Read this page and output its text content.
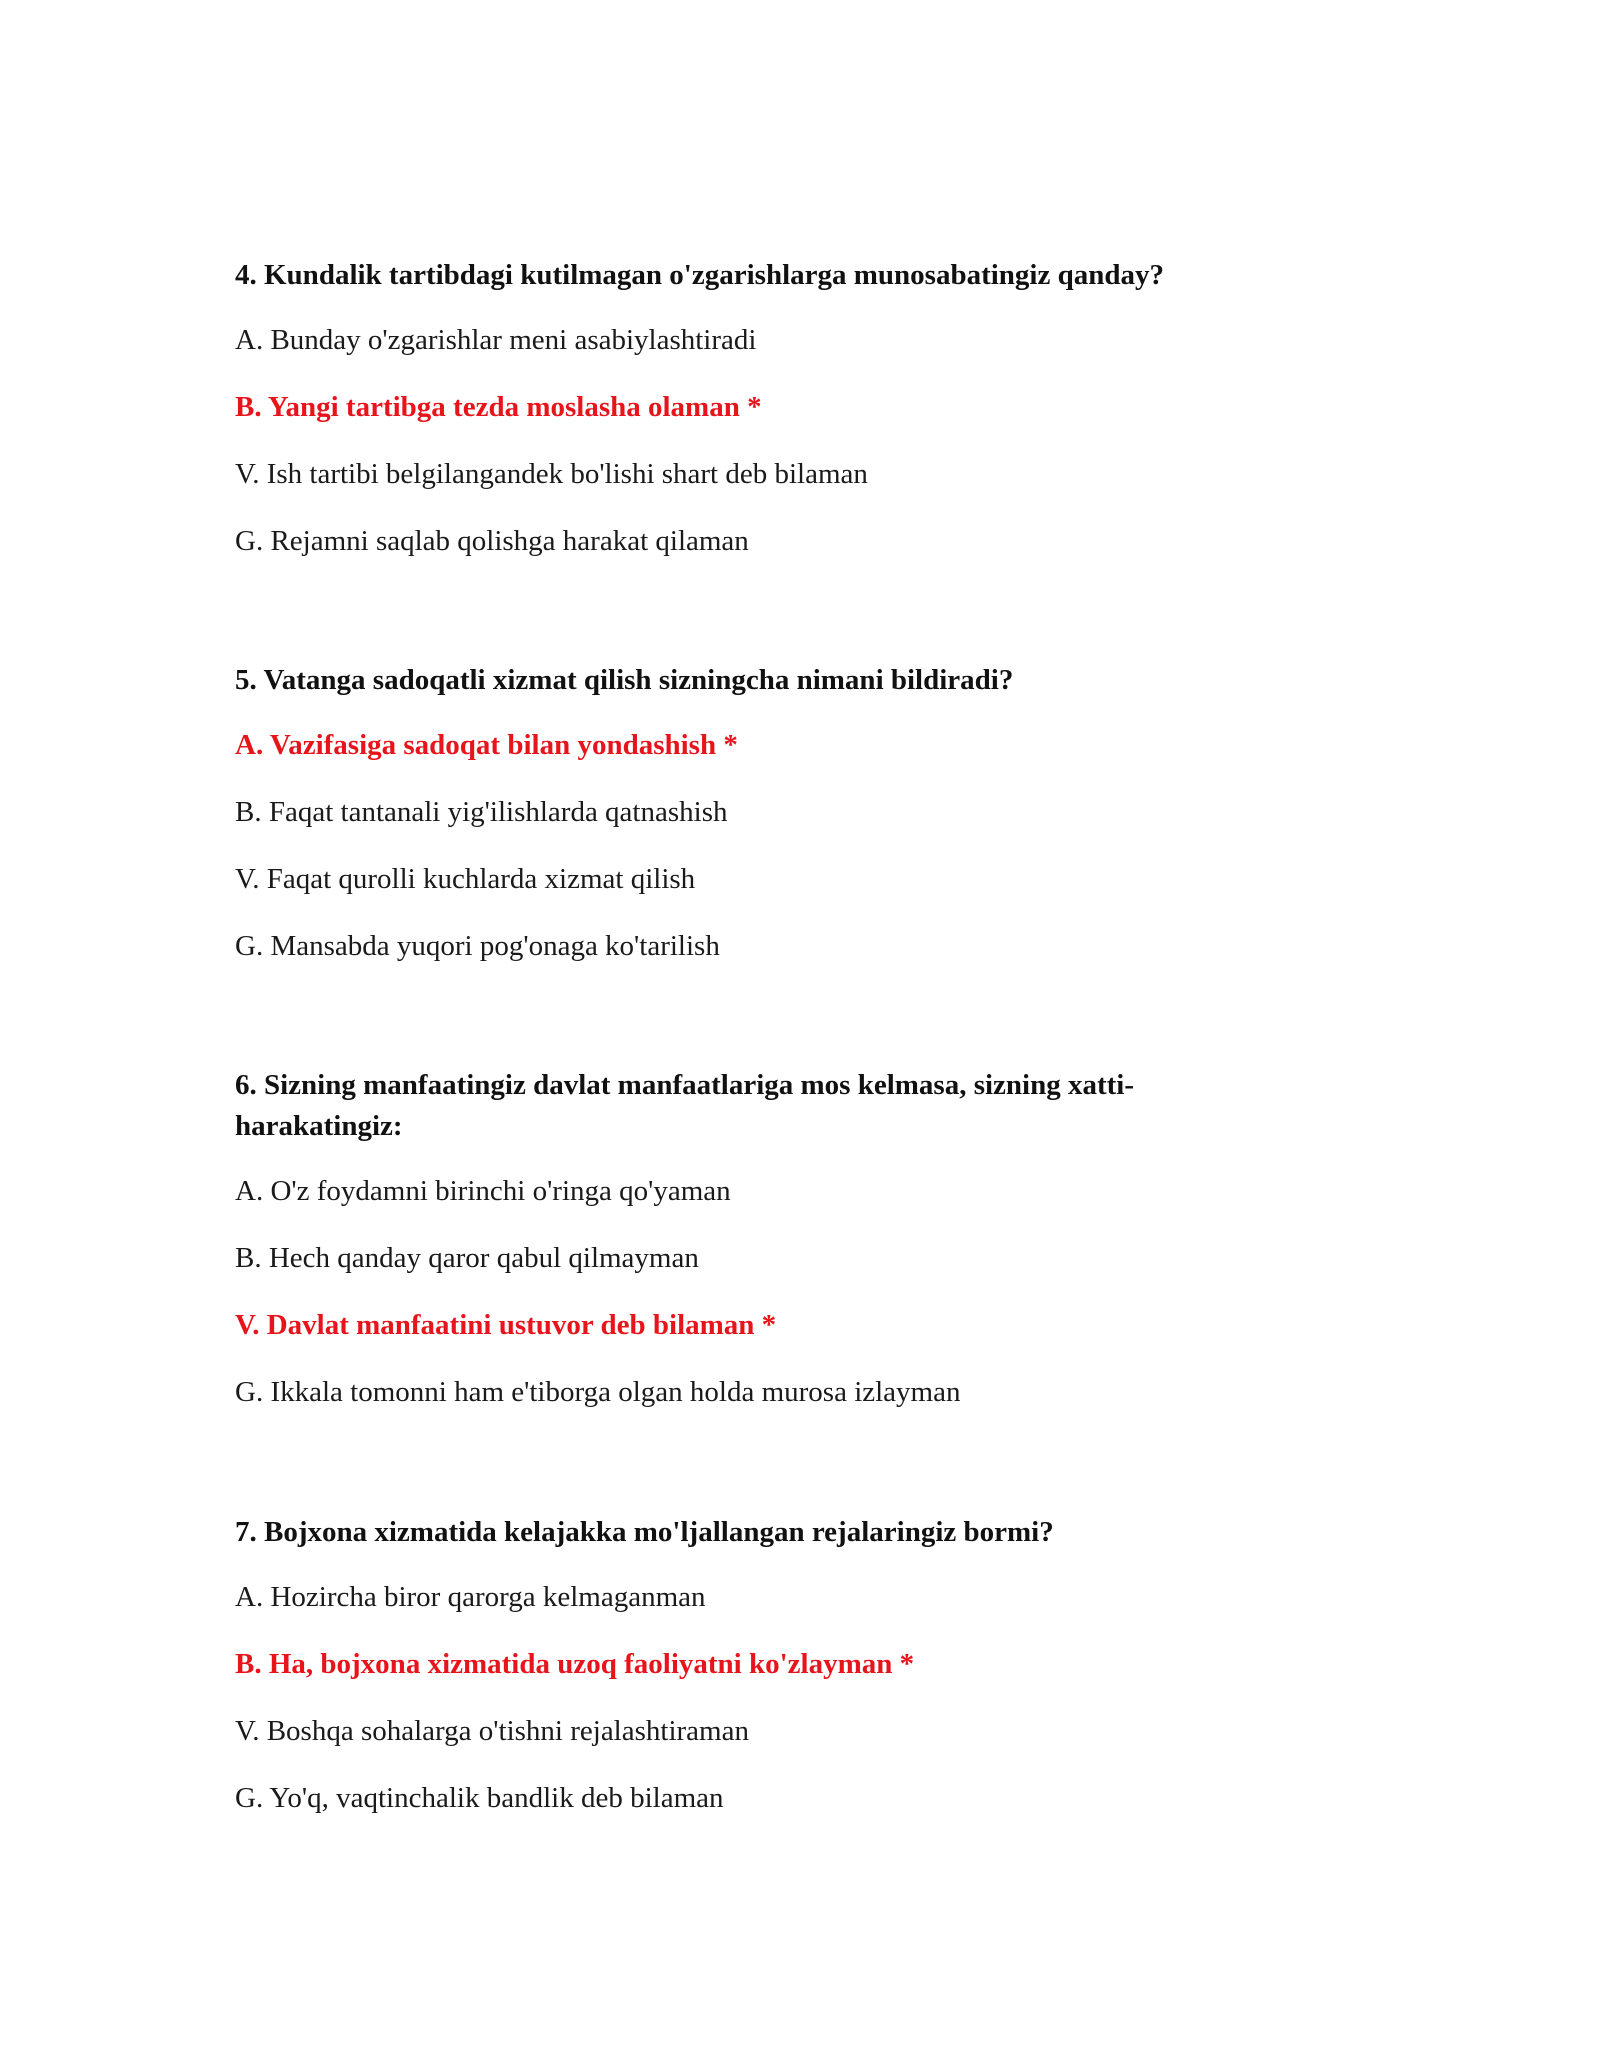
4. Kundalik tartibdagi kutilmagan o'zgarishlarga munosabatingiz qanday?

A. Bunday o'zgarishlar meni asabiylashtiradi

B. Yangi tartibga tezda moslasha olaman *

V. Ish tartibi belgilangandek bo'lishi shart deb bilaman

G. Rejamni saqlab qolishga harakat qilaman

5. Vatanga sadoqatli xizmat qilish sizningcha nimani bildiradi?

A. Vazifasiga sadoqat bilan yondashish *

B. Faqat tantanali yig'ilishlarda qatnashish

V. Faqat qurolli kuchlarda xizmat qilish

G. Mansabda yuqori pog'onaga ko'tarilish

6. Sizning manfaatingiz davlat manfaatlariga mos kelmasa, sizning xatti-harakatingiz:

A. O'z foydamni birinchi o'ringa qo'yaman

B. Hech qanday qaror qabul qilmayman

V. Davlat manfaatini ustuvor deb bilaman *

G. Ikkala tomonni ham e'tiborga olgan holda murosa izlayman

7. Bojxona xizmatida kelajakka mo'ljallangan rejalaringiz bormi?

A. Hozircha biror qarorga kelmaganman

B. Ha, bojxona xizmatida uzoq faoliyatni ko'zlayman *

V. Boshqa sohalarga o'tishni rejalashtiraman

G. Yo'q, vaqtinchalik bandlik deb bilaman
